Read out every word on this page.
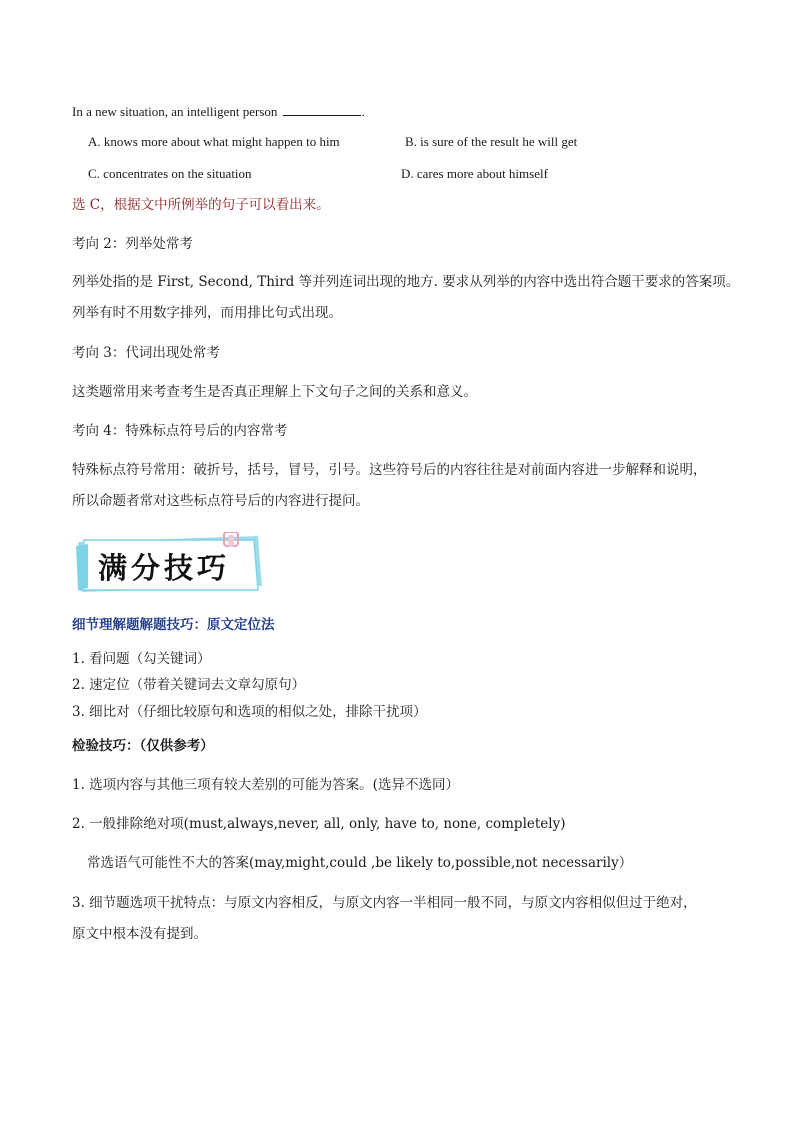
In a new situation, an intelligent person	.
A. knows more about what might happen to him	B. is sure of the result he will get
C. concentrates on the situation	D. cares more about himself
选 C，根据文中所例举的句子可以看出来。
考向 2：列举处常考
列举处指的是 First, Second, Third 等并列连词出现的地方. 要求从列举的内容中选出符合题干要求的答案项。
列举有时不用数字排列，而用排比句式出现。
考向 3：代词出现处常考
这类题常用来考查考生是否真正理解上下文句子之间的关系和意义。
考向 4：特殊标点符号后的内容常考
特殊标点符号常用：破折号，括号，冒号，引号。这些符号后的内容往往是对前面内容进一步解释和说明，
所以命题者常对这些标点符号后的内容进行提问。
满分技巧
细节理解题解题技巧：原文定位法
1. 看问题（勾关键词）
2. 速定位（带着关键词去文章勾原句）
3. 细比对（仔细比较原句和选项的相似之处，排除干扰项）
检验技巧：（仅供参考）
1. 选项内容与其他三项有较大差别的可能为答案。(选异不选同）
2. 一般排除绝对项(must,always,never, all, only, have to, none, completely)
常选语气可能性不大的答案(may,might,could ,be likely to,possible,not necessarily）
3. 细节题选项干扰特点：与原文内容相反，与原文内容一半相同一般不同，与原文内容相似但过于绝对，
原文中根本没有提到。
